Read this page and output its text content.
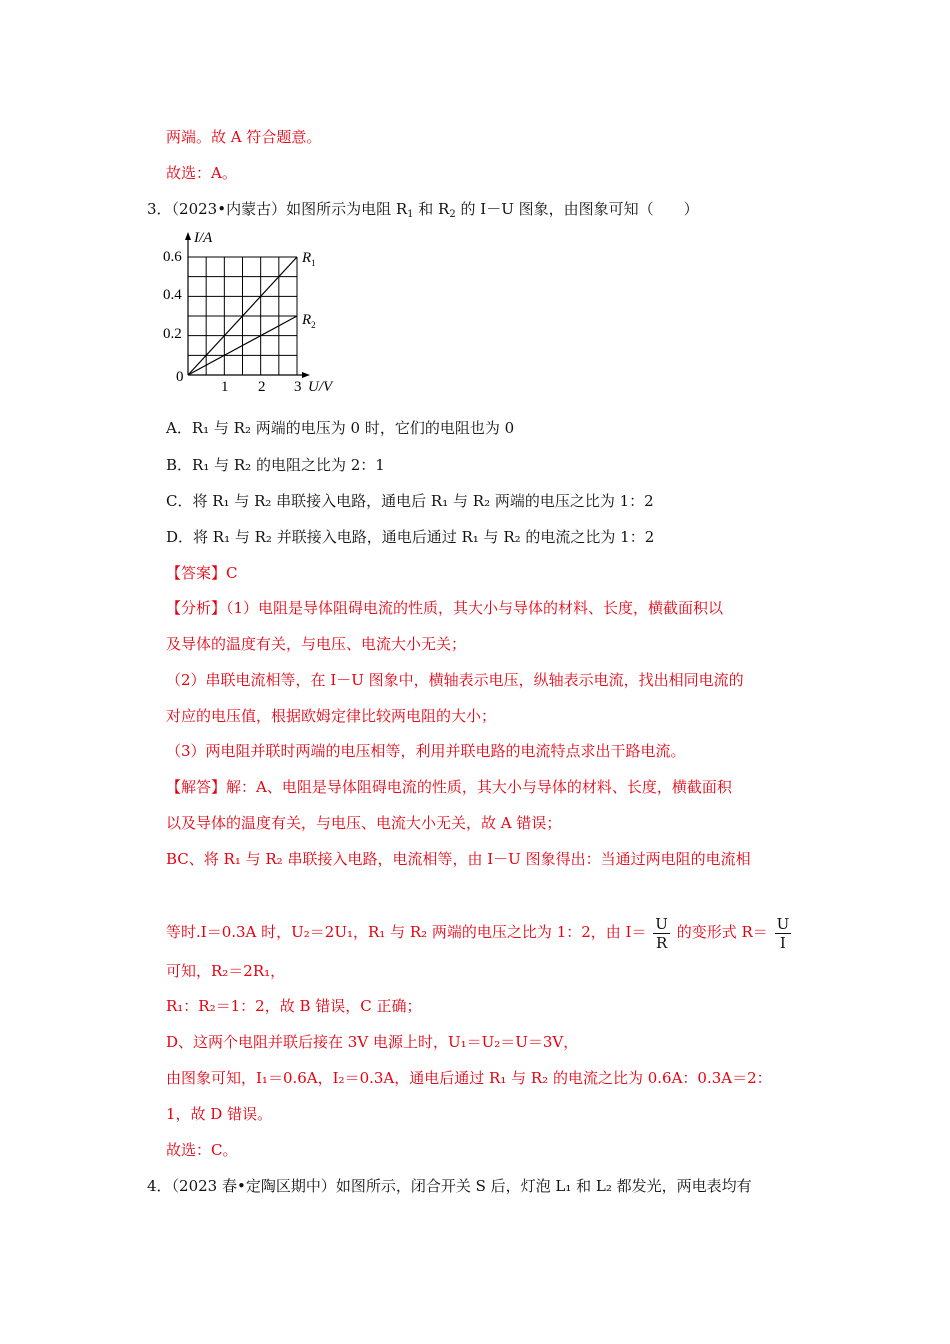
两端。故 A 符合题意。
故选：A。
3．（2023•内蒙古）如图所示为电阻 $R_1$ 和 $R_2$ 的 I－U 图象，由图象可知（　　）
I/A
0.6
0.4
0.2
0
1 2 3 U/V
$R_1$
$R_2$
A．R₁ 与 R₂ 两端的电压为 0 时，它们的电阻也为 0
B．R₁ 与 R₂ 的电阻之比为 2：1
C．将 R₁ 与 R₂ 串联接入电路，通电后 R₁ 与 R₂ 两端的电压之比为 1：2
D．将 R₁ 与 R₂ 并联接入电路，通电后通过 R₁ 与 R₂ 的电流之比为 1：2
【答案】C
【分析】（1）电阻是导体阻碍电流的性质，其大小与导体的材料、长度，横截面积以
及导体的温度有关，与电压、电流大小无关；
（2）串联电流相等，在 I－U 图象中，横轴表示电压，纵轴表示电流，找出相同电流的
对应的电压值，根据欧姆定律比较两电阻的大小；
（3）两电阻并联时两端的电压相等，利用并联电路的电流特点求出干路电流。
【解答】解：A、电阻是导体阻碍电流的性质，其大小与导体的材料、长度，横截面积
以及导体的温度有关，与电压、电流大小无关，故 A 错误；
BC、将 R₁ 与 R₂ 串联接入电路，电流相等，由 I－U 图象得出：当通过两电阻的电流相
等时.I＝0.3A 时，U₂＝2U₁，R₁ 与 R₂ 两端的电压之比为 1：2，由 $I= \frac{U}{R}$ 的变形式 $R= \frac{U}{I}$
可知，R₂＝2R₁，
R₁：R₂＝1：2，故 B 错误，C 正确；
D、这两个电阻并联后接在 3V 电源上时，U₁＝U₂＝U＝3V，
由图象可知，I₁＝0.6A，I₂＝0.3A，通电后通过 R₁ 与 R₂ 的电流之比为 0.6A：0.3A＝2：
1，故 D 错误。
故选：C。
4．（2023 春•定陶区期中）如图所示，闭合开关 S 后，灯泡 L₁ 和 L₂ 都发光，两电表均有
